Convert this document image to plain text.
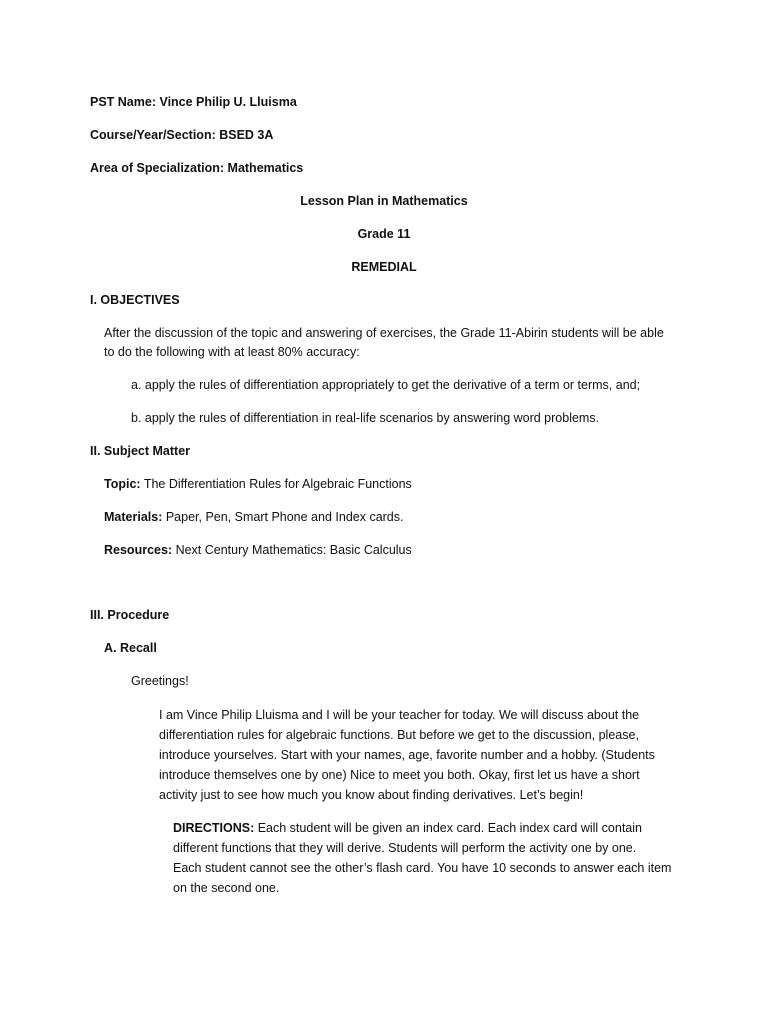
PST Name: Vince Philip U. Lluisma
Course/Year/Section: BSED 3A
Area of Specialization: Mathematics
Lesson Plan in Mathematics
Grade 11
REMEDIAL
I. OBJECTIVES
After the discussion of the topic and answering of exercises, the Grade 11-Abirin students will be able
to do the following with at least 80% accuracy:
a. apply the rules of differentiation appropriately to get the derivative of a term or terms, and;
b. apply the rules of differentiation in real-life scenarios by answering word problems.
II. Subject Matter
Topic: The Differentiation Rules for Algebraic Functions
Materials: Paper, Pen, Smart Phone and Index cards.
Resources: Next Century Mathematics: Basic Calculus
III. Procedure
A. Recall
Greetings!
I am Vince Philip Lluisma and I will be your teacher for today. We will discuss about the
differentiation rules for algebraic functions. But before we get to the discussion, please,
introduce yourselves. Start with your names, age, favorite number and a hobby. (Students
introduce themselves one by one) Nice to meet you both. Okay, first let us have a short
activity just to see how much you know about finding derivatives. Let’s begin!
DIRECTIONS: Each student will be given an index card. Each index card will contain
different functions that they will derive. Students will perform the activity one by one.
Each student cannot see the other’s flash card. You have 10 seconds to answer each item
on the second one.
